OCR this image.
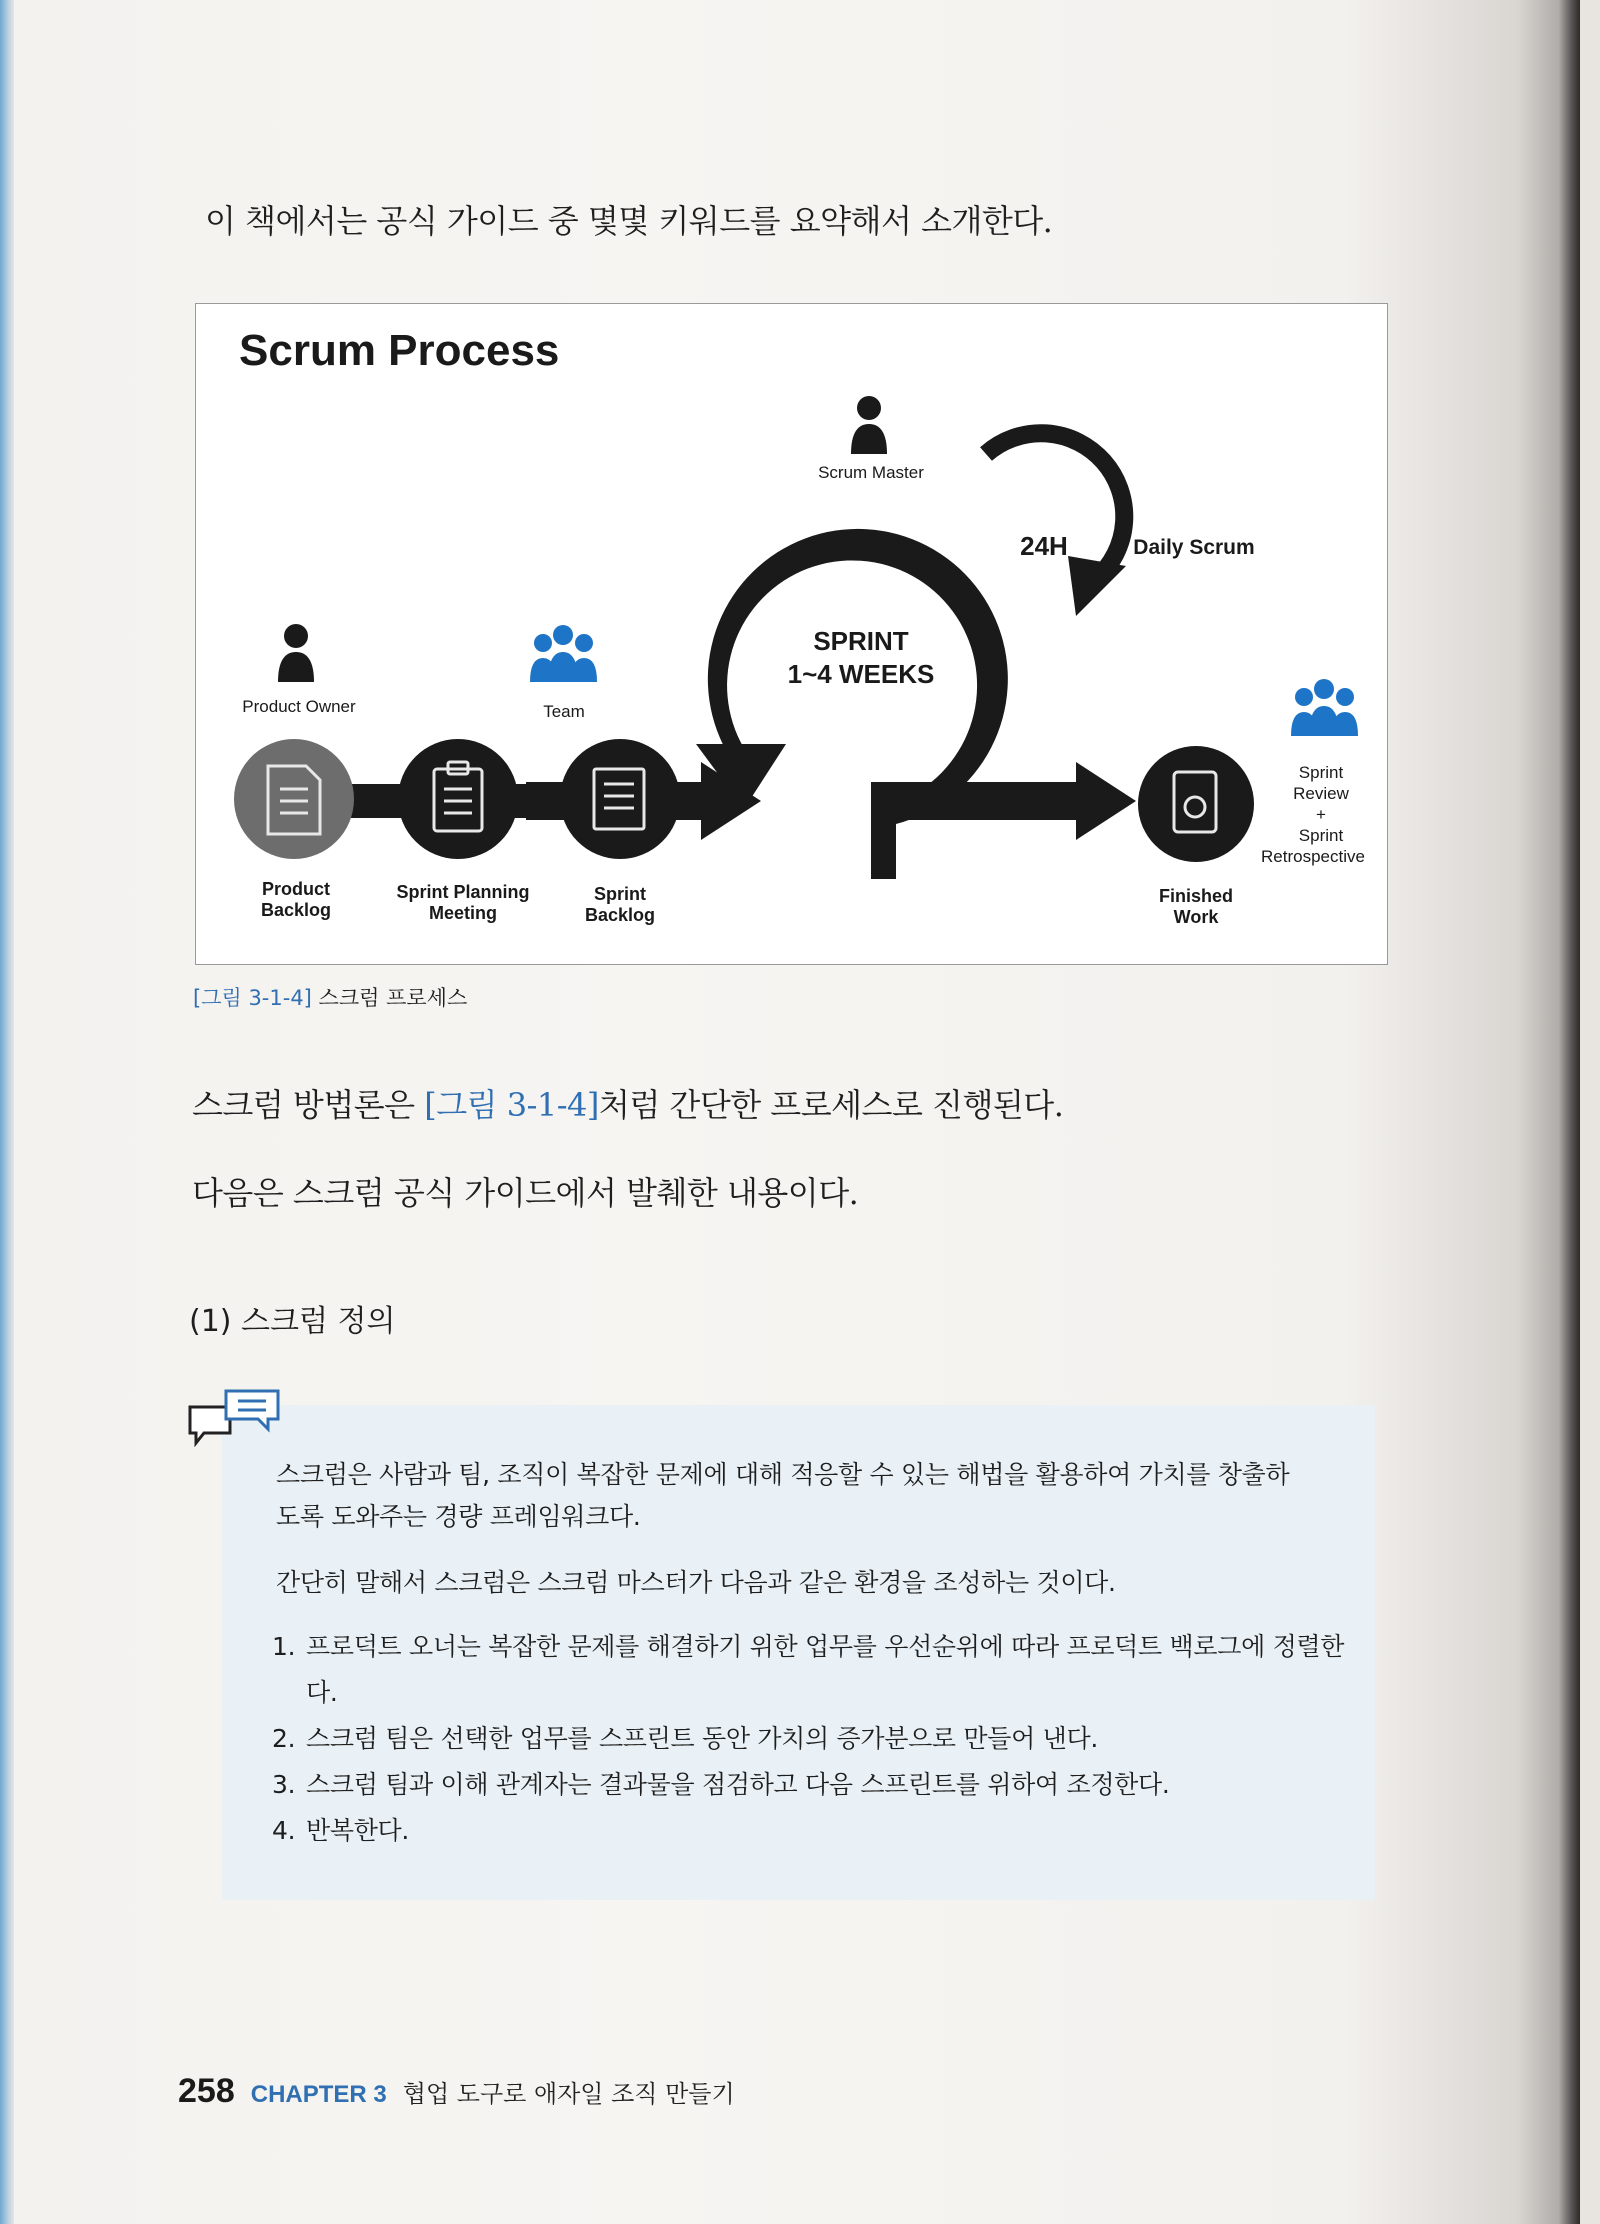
이 책에서는 공식 가이드 중 몇몇 키워드를 요약해서 소개한다.
Scrum Process
Product Owner	Team
Scrum Master
24H	Daily Scrum
SPRINT
1~4 WEEKS
Product
Backlog
Sprint Planning
Meeting
Sprint
Backlog
Finished
Work
Sprint
Review
+
Sprint
Retrospective
[그림 3-1-4] 스크럼 프로세스
스크럼 방법론은 [그림 3-1-4]처럼 간단한 프로세스로 진행된다.
다음은 스크럼 공식 가이드에서 발췌한 내용이다.
(1) 스크럼 정의
스크럼은 사람과 팀, 조직이 복잡한 문제에 대해 적응할 수 있는 해법을 활용하여 가치를 창출하
도록 도와주는 경량 프레임워크다.
간단히 말해서 스크럼은 스크럼 마스터가 다음과 같은 환경을 조성하는 것이다.
1. 프로덕트 오너는 복잡한 문제를 해결하기 위한 업무를 우선순위에 따라 프로덕트 백로그에 정렬한다.
2. 스크럼 팀은 선택한 업무를 스프린트 동안 가치의 증가분으로 만들어 낸다.
3. 스크럼 팀과 이해 관계자는 결과물을 점검하고 다음 스프린트를 위하여 조정한다.
4. 반복한다.
258 CHAPTER 3 협업 도구로 애자일 조직 만들기
